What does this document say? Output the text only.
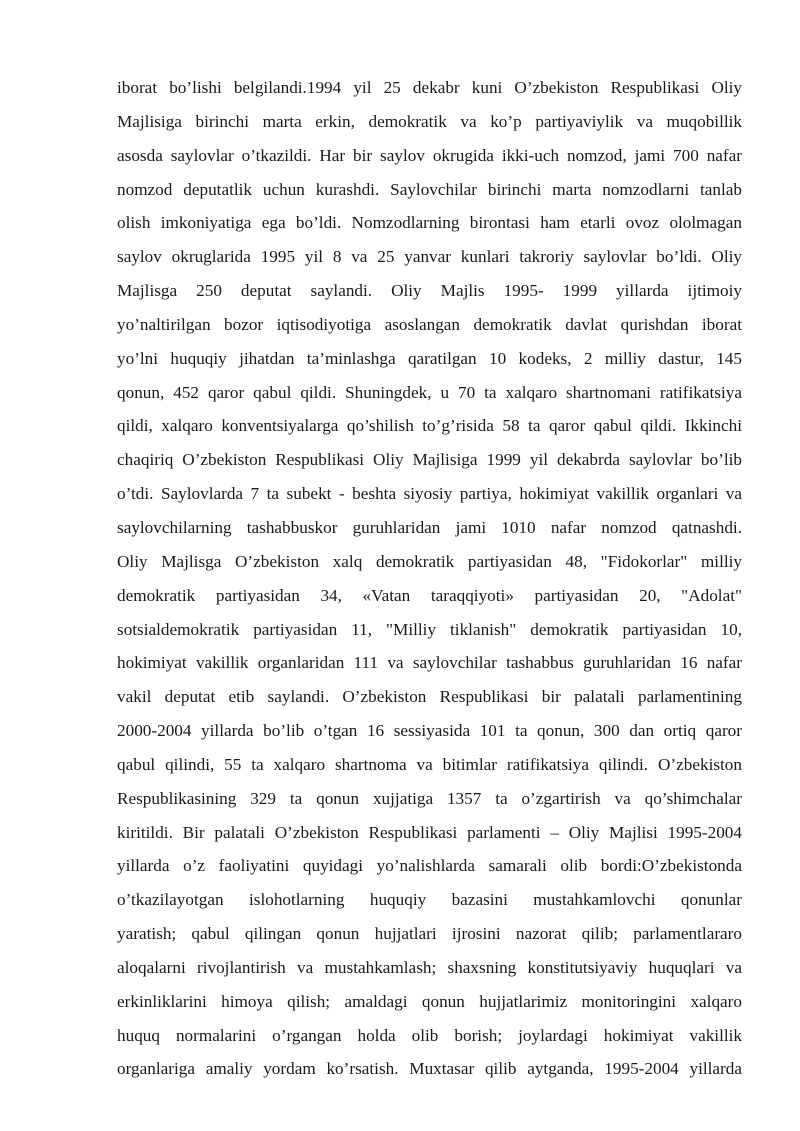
iborat bo’lishi belgilandi.1994 yil 25 dekabr kuni O’zbekiston Respublikasi Oliy
Majlisiga birinchi marta erkin, demokratik va ko’p partiyaviylik va muqobillik
asosda saylovlar o’tkazildi. Har bir saylov okrugida ikki-uch nomzod, jami 700 nafar
nomzod deputatlik uchun kurashdi. Saylovchilar birinchi marta nomzodlarni tanlab
olish imkoniyatiga ega bo’ldi. Nomzodlarning birontasi ham etarli ovoz ololmagan
saylov okruglarida 1995 yil 8 va 25 yanvar kunlari takroriy saylovlar bo’ldi. Oliy
Majlisga 250 deputat saylandi. Oliy Majlis 1995- 1999 yillarda ijtimoiy
yo’naltirilgan bozor iqtisodiyotiga asoslangan demokratik davlat qurishdan iborat
yo’lni huquqiy jihatdan ta’minlashga qaratilgan 10 kodeks, 2 milliy dastur, 145
qonun, 452 qaror qabul qildi. Shuningdek, u 70 ta xalqaro shartnomani ratifikatsiya
qildi, xalqaro konventsiyalarga qo’shilish to’g’risida 58 ta qaror qabul qildi. Ikkinchi
chaqiriq O’zbekiston Respublikasi Oliy Majlisiga 1999 yil dekabrda saylovlar bo’lib
o’tdi. Saylovlarda 7 ta subekt - beshta siyosiy partiya, hokimiyat vakillik organlari va
saylovchilarning tashabbuskor guruhlaridan jami 1010 nafar nomzod qatnashdi.
Oliy Majlisga O’zbekiston xalq demokratik partiyasidan 48, "Fidokorlar" milliy
demokratik partiyasidan 34, «Vatan taraqqiyoti» partiyasidan 20, "Adolat"
sotsialdemokratik partiyasidan 11, "Milliy tiklanish" demokratik partiyasidan 10,
hokimiyat vakillik organlaridan 111 va saylovchilar tashabbus guruhlaridan 16 nafar
vakil deputat etib saylandi. O’zbekiston Respublikasi bir palatali parlamentining
2000-2004 yillarda bo’lib o’tgan 16 sessiyasida 101 ta qonun, 300 dan ortiq qaror
qabul qilindi, 55 ta xalqaro shartnoma va bitimlar ratifikatsiya qilindi. O’zbekiston
Respublikasining 329 ta qonun xujjatiga 1357 ta o’zgartirish va qo’shimchalar
kiritildi. Bir palatali O’zbekiston Respublikasi parlamenti – Oliy Majlisi 1995-2004
yillarda o’z faoliyatini quyidagi yo’nalishlarda samarali olib bordi:O’zbekistonda
o’tkazilayotgan islohotlarning huquqiy bazasini mustahkamlovchi qonunlar
yaratish; qabul qilingan qonun hujjatlari ijrosini nazorat qilib; parlamentlararo
aloqalarni rivojlantirish va mustahkamlash; shaxsning konstitutsiyaviy huquqlari va
erkinliklarini himoya qilish; amaldagi qonun hujjatlarimiz monitoringini xalqaro
huquq normalarini o’rgangan holda olib borish; joylardagi hokimiyat vakillik
organlariga amaliy yordam ko’rsatish. Muxtasar qilib aytganda, 1995-2004 yillarda
